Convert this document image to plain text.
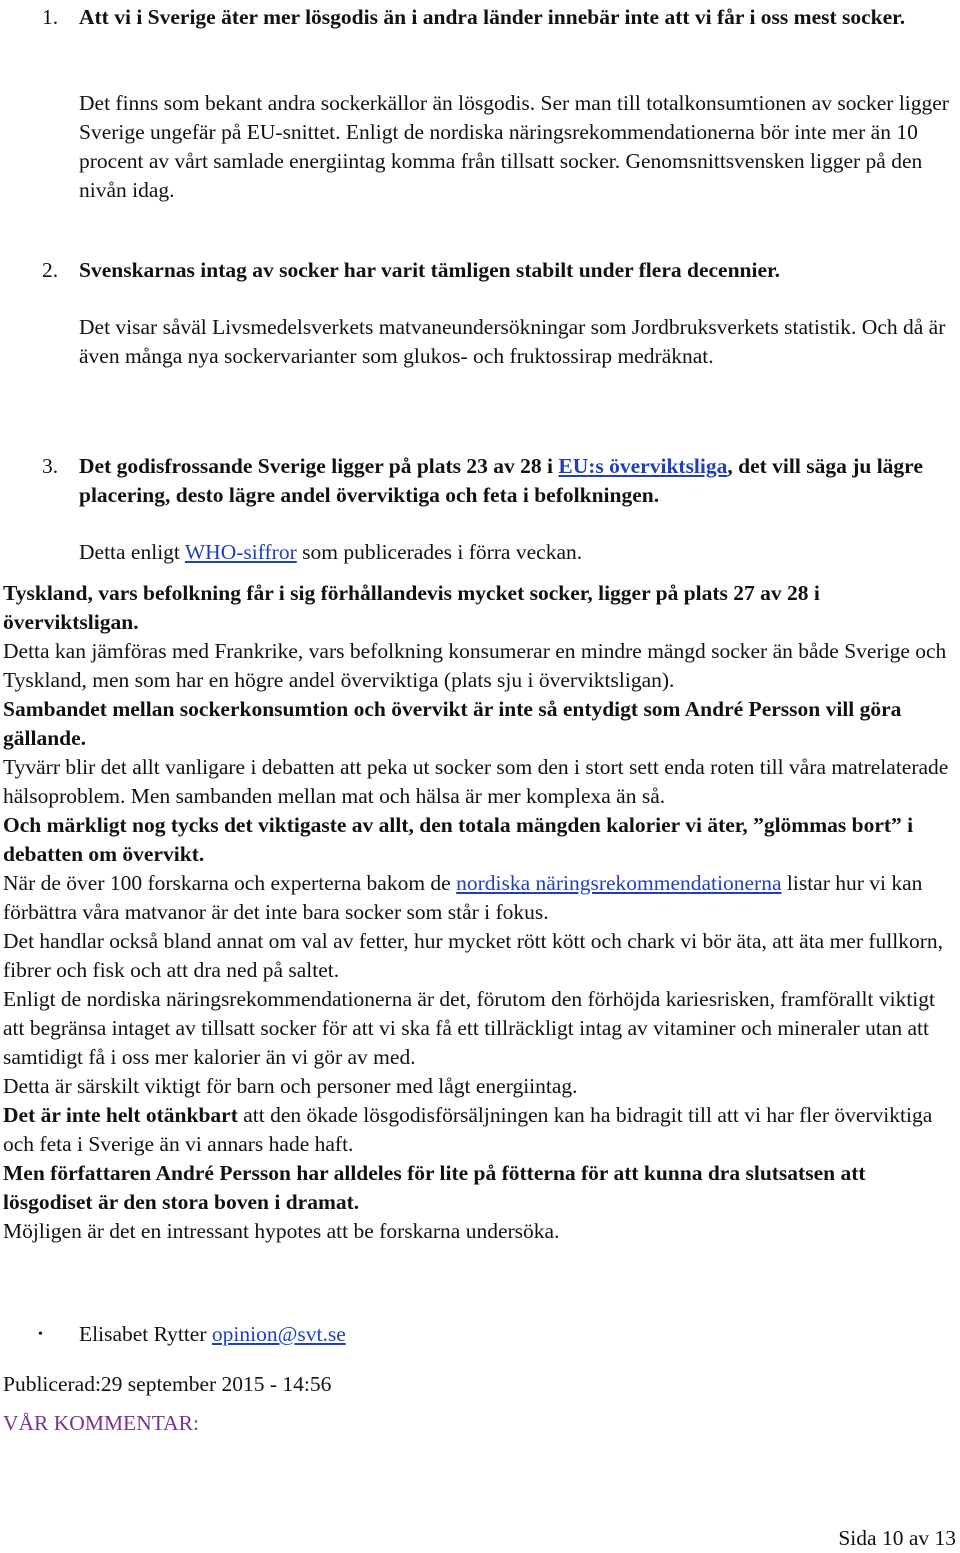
1. Att vi i Sverige äter mer lösgodis än i andra länder innebär inte att vi får i oss mest socker.
Det finns som bekant andra sockerkällor än lösgodis. Ser man till totalkonsumtionen av socker ligger Sverige ungefär på EU-snittet. Enligt de nordiska näringsrekommendationerna bör inte mer än 10 procent av vårt samlade energiintag komma från tillsatt socker. Genomsnittsvensken ligger på den nivån idag.
2. Svenskarnas intag av socker har varit tämligen stabilt under flera decennier.
Det visar såväl Livsmedelsverkets matvaneundersökningar som Jordbruksverkets statistik. Och då är även många nya sockervarianter som glukos- och fruktossirap medräknat.
3. Det godisfrossande Sverige ligger på plats 23 av 28 i EU:s överviktsliga, det vill säga ju lägre placering, desto lägre andel överviktiga och feta i befolkningen.
Detta enligt WHO-siffror som publicerades i förra veckan.
Tyskland, vars befolkning får i sig förhållandevis mycket socker, ligger på plats 27 av 28 i överviktsligan.
Detta kan jämföras med Frankrike, vars befolkning konsumerar en mindre mängd socker än både Sverige och Tyskland, men som har en högre andel överviktiga (plats sju i överviktsligan).
Sambandet mellan sockerkonsumtion och övervikt är inte så entydigt som André Persson vill göra gällande.
Tyvärr blir det allt vanligare i debatten att peka ut socker som den i stort sett enda roten till våra matrelaterade hälsoproblem. Men sambanden mellan mat och hälsa är mer komplexa än så.
Och märkligt nog tycks det viktigaste av allt, den totala mängden kalorier vi äter, ”glömmas bort” i debatten om övervikt.
När de över 100 forskarna och experterna bakom de nordiska näringsrekommendationerna listar hur vi kan förbättra våra matvanor är det inte bara socker som står i fokus.
Det handlar också bland annat om val av fetter, hur mycket rött kött och chark vi bör äta, att äta mer fullkorn, fibrer och fisk och att dra ned på saltet.
Enligt de nordiska näringsrekommendationerna är det, förutom den förhöjda kariesrisken, framförallt viktigt att begränsa intaget av tillsatt socker för att vi ska få ett tillräckligt intag av vitaminer och mineraler utan att samtidigt få i oss mer kalorier än vi gör av med.
Detta är särskilt viktigt för barn och personer med lågt energiintag.
Det är inte helt otänkbart att den ökade lösgodisförsäljningen kan ha bidragit till att vi har fler överviktiga och feta i Sverige än vi annars hade haft.
Men författaren André Persson har alldeles för lite på fötterna för att kunna dra slutsatsen att lösgodiset är den stora boven i dramat.
Möjligen är det en intressant hypotes att be forskarna undersöka.
• Elisabet Rytter opinion@svt.se
Publicerad:29 september 2015 - 14:56
VÅR KOMMENTAR:
Sida 10 av 13
